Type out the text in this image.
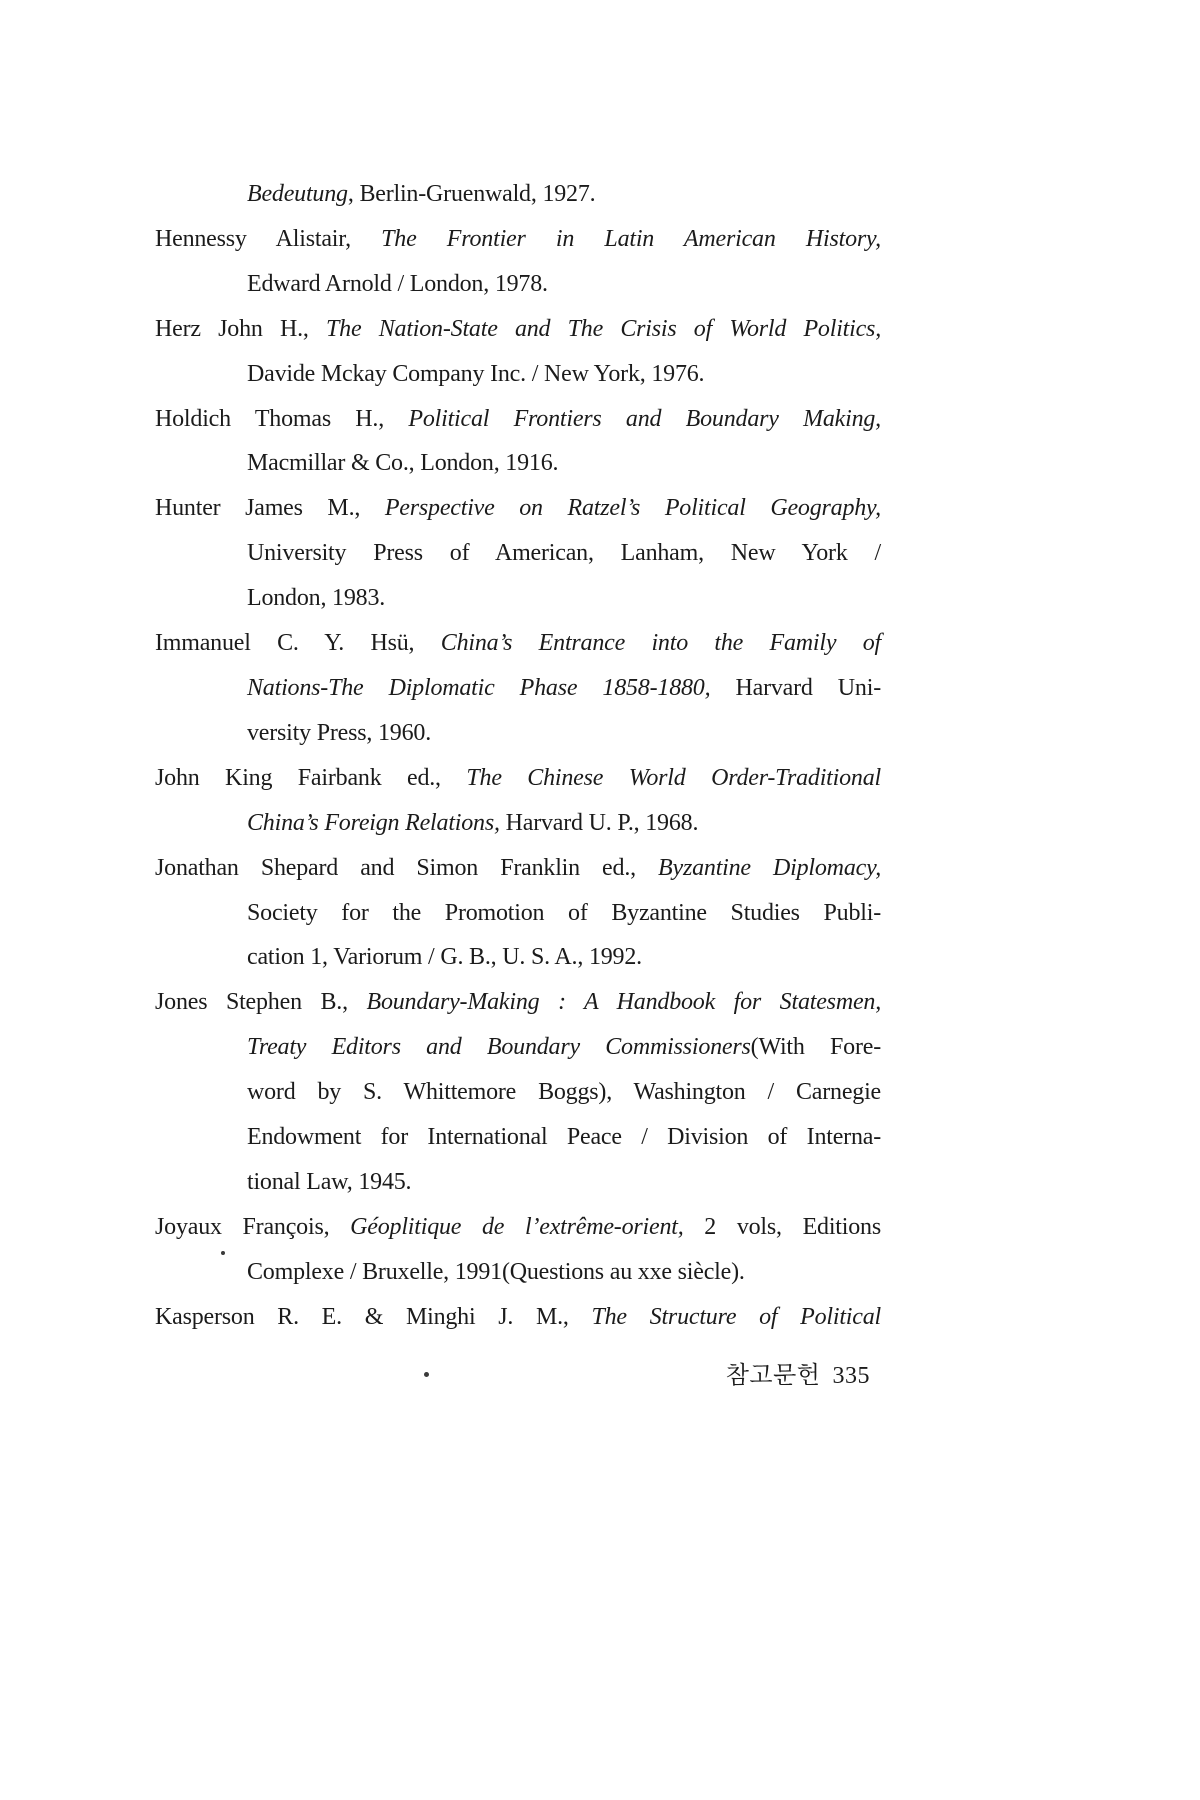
Bedeutung, Berlin-Gruenwald, 1927.
Hennessy Alistair, The Frontier in Latin American History,
Edward Arnold / London, 1978.
Herz John H., The Nation-State and The Crisis of World Politics,
Davide Mckay Company Inc. / New York, 1976.
Holdich Thomas H., Political Frontiers and Boundary Making,
Macmillar & Co., London, 1916.
Hunter James M., Perspective on Ratzel’s Political Geography,
University Press of American, Lanham, New York /
London, 1983.
Immanuel C. Y. Hsü, China’s Entrance into the Family of
Nations-The Diplomatic Phase 1858-1880, Harvard Uni-
versity Press, 1960.
John King Fairbank ed., The Chinese World Order-Traditional
China’s Foreign Relations, Harvard U. P., 1968.
Jonathan Shepard and Simon Franklin ed., Byzantine Diplomacy,
Society for the Promotion of Byzantine Studies Publi-
cation 1, Variorum / G. B., U. S. A., 1992.
Jones Stephen B., Boundary-Making : A Handbook for Statesmen,
Treaty Editors and Boundary Commissioners(With Fore-
word by S. Whittemore Boggs), Washington / Carnegie
Endowment for International Peace / Division of Interna-
tional Law, 1945.
Joyaux François, Géoplitique de l’extrême-orient, 2 vols, Editions
Complexe / Bruxelle, 1991(Questions au xxe siècle).
Kasperson R. E. & Minghi J. M., The Structure of Political
참고문헌 335
